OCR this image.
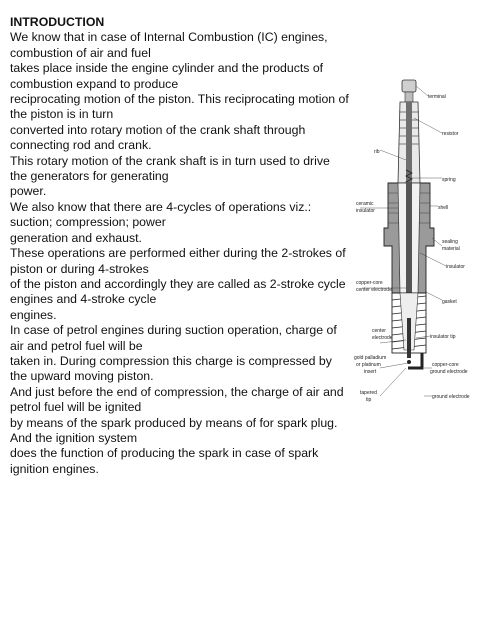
INTRODUCTION
We know that in case of Internal Combustion (IC) engines,
combustion of air and fuel
takes place inside the engine cylinder and the products of
combustion expand to produce
reciprocating motion of the piston. This reciprocating motion of
the piston is in turn
converted into rotary motion of the crank shaft through
connecting rod and crank.
This rotary motion of the crank shaft is in turn used to drive
the generators for generating
power.
We also know that there are 4-cycles of operations viz.:
suction; compression; power
generation and exhaust.
These operations are performed either during the 2-strokes of
piston or during 4-strokes
of the piston and accordingly they are called as 2-stroke cycle
engines and 4-stroke cycle
engines.
In case of petrol engines during suction operation, charge of
air and petrol fuel will be
taken in. During compression this charge is compressed by
the upward moving piston.
And just before the end of compression, the charge of air and
petrol fuel will be ignited
by means of the spark produced by means of for spark plug.
And the ignition system
does the function of producing the spark in case of spark
ignition engines.
terminal
resistor
rib
spring
ceramic
insulator	shell
sealing
material
insulator
copper-core
center electrode
gasket
center
electrode	insulator tip
gold palladium
or platinum
insert
copper-core
ground electrode
tapered
tip	ground electrode
